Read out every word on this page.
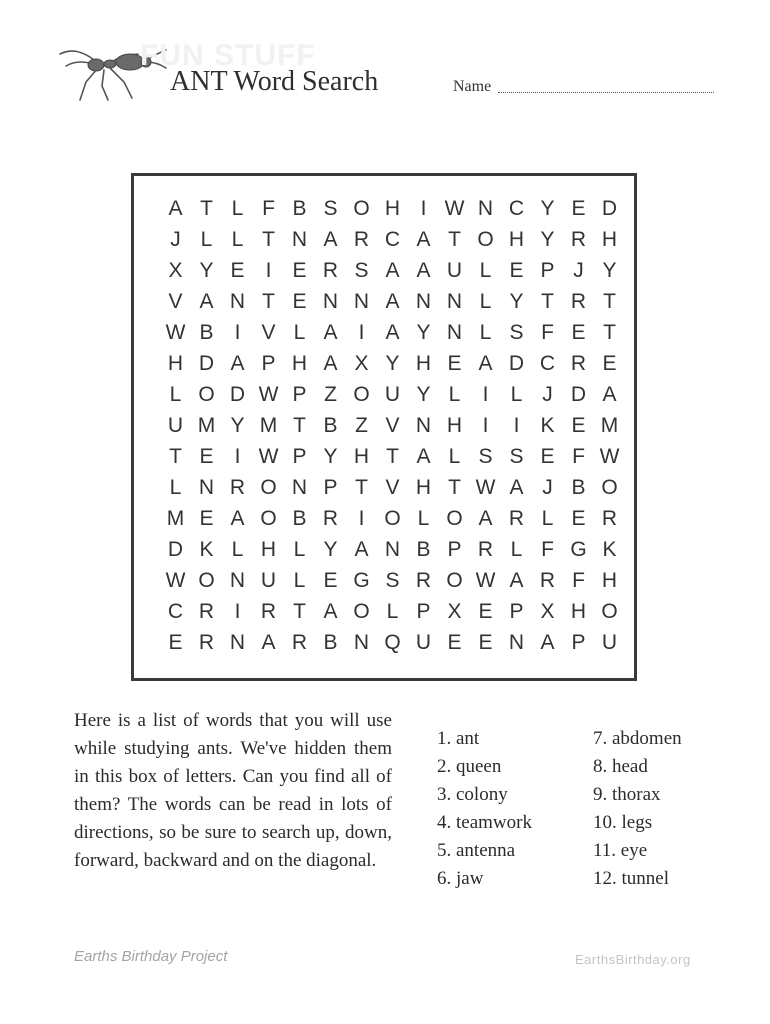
FUN STUFF
ANT Word Search	Name
A T L F B S O H I W N C Y E D
J L L T N A R C A T O H Y R H
X Y E	I	E R S A A U L E P J Y
V A N T E N N A N N L Y T R T
W B	I	V L A	I	A Y N L S F E T
H D A P H A X Y H E A D C R E
L O D W P Z O U Y L	I	L J D A
U M Y M T B Z V N H I	I	K E M
T E	I W P Y H T A L S S E F W
L N R O N P T V H T W A J B O
M E A O B R I O L O A R L E R
D K L H L Y A N B P R L F G K
W O N U L E G S R O W A R F H
C R I R T A O L P X E P X H O
E R N A R B N Q U E E N A P U
Here is a list of words that you will use while studying ants. We've hidden them in this box of letters. Can you find all of them? The words can be read in lots of directions, so be sure to search up, down, forward, backward and on the diagonal.
1. ant
2. queen
3. colony
4. teamwork
5. antenna
6. jaw
7. abdomen
8. head
9. thorax
10. legs
11. eye
12. tunnel
Earths Birthday Project	EarthsBirthday.org
